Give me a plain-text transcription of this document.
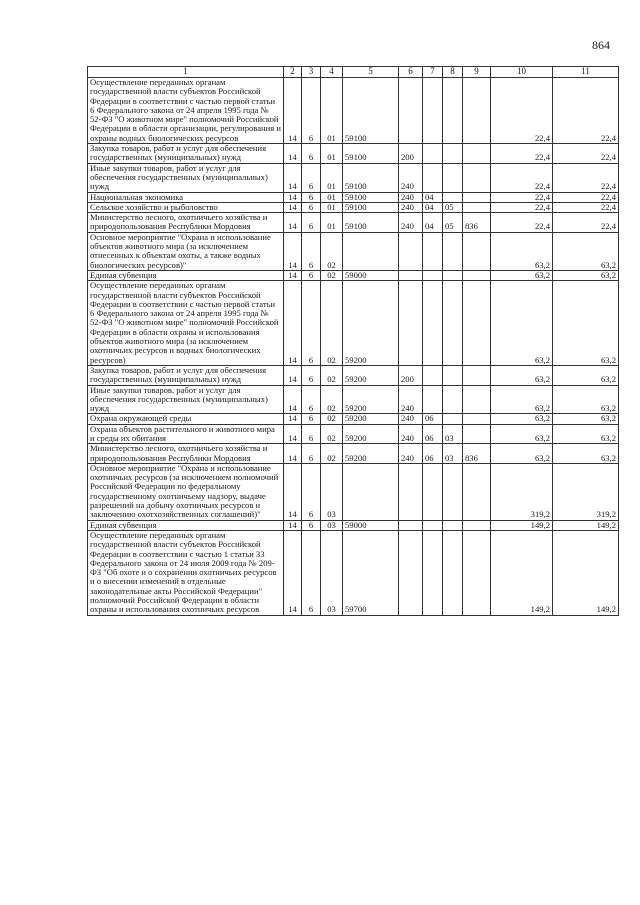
864
1	2	3	4	5	6	7	8	9	10	11
Осуществление переданных органам государственной власти субъектов Российской Федерации в соответствии с частью первой статьи 6 Федерального закона от 24 апреля 1995 года № 52-ФЗ "О животном мире" полномочий Российской Федерации в области организации, регулирования и охраны водных биологических ресурсов	14	6	01	59100					22,4	22,4
Закупка товаров, работ и услуг для обеспечения государственных (муниципальных) нужд	14	6	01	59100	200				22,4	22,4
Иные закупки товаров, работ и услуг для обеспечения государственных (муниципальных) нужд	14	6	01	59100	240				22,4	22,4
Национальная экономика	14	6	01	59100	240	04			22,4	22,4
Сельское хозяйство и рыболовство	14	6	01	59100	240	04	05		22,4	22,4
Министерство лесного, охотничьего хозяйства и природопользования Республики Мордовия	14	6	01	59100	240	04	05	836	22,4	22,4
Основное мероприятие "Охрана и использование объектов животного мира (за исключением отнесенных к объектам охоты, а также водных биологических ресурсов)"	14	6	02						63,2	63,2
Единая субвенция	14	6	02	59000					63,2	63,2
Осуществление переданных органам государственной власти субъектов Российской Федерации в соответствии с частью первой статьи 6 Федерального закона от 24 апреля 1995 года № 52-ФЗ "О животном мире" полномочий Российской Федерации в области охраны и использования объектов животного мира (за исключением охотничьих ресурсов и водных биологических ресурсов)	14	6	02	59200					63,2	63,2
Закупка товаров, работ и услуг для обеспечения государственных (муниципальных) нужд	14	6	02	59200	200				63,2	63,2
Иные закупки товаров, работ и услуг для обеспечения государственных (муниципальных) нужд	14	6	02	59200	240				63,2	63,2
Охрана окружающей среды	14	6	02	59200	240	06			63,2	63,2
Охрана объектов растительного и животного мира и среды их обитания	14	6	02	59200	240	06	03		63,2	63,2
Министерство лесного, охотничьего хозяйства и природопользования Республики Мордовия	14	6	02	59200	240	06	03	836	63,2	63,2
Основное мероприятие "Охрана и использование охотничьих ресурсов (за исключением полномочий Российской Федерации по федеральному государственному охотничьему надзору, выдаче разрешений на добычу охотничьих ресурсов и заключению охотхозяйственных соглашений)"	14	6	03						319,2	319,2
Единая субвенция	14	6	03	59000					149,2	149,2
Осуществление переданных органам государственной власти субъектов Российской Федерации в соответствии с частью 1 статьи 33 Федерального закона от 24 июля 2009 года № 209-ФЗ "Об охоте и о сохранении охотничьих ресурсов и о внесении изменений в отдельные законодательные акты Российской Федерации" полномочий Российской Федерации в области охраны и использования охотничьих ресурсов	14	6	03	59700					149,2	149,2
